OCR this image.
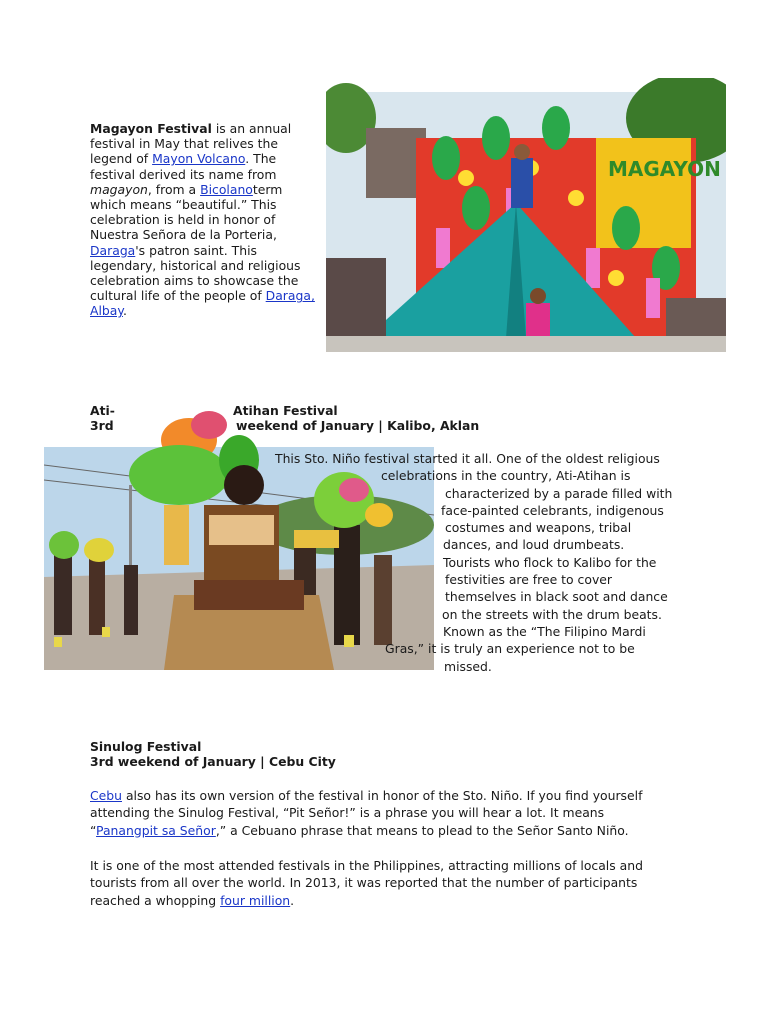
Magayon Festival is an annual festival in May that relives the legend of Mayon Volcano. The festival derived its name from magayon, from a Bicolanoterm which means “beautiful.” This celebration is held in honor of Nuestra Señora de la Porteria, Daraga's patron saint. This legendary, historical and religious celebration aims to showcase the cultural life of the people of Daraga, Albay.
MAGAYON
Ati-	Atihan Festival
3rd	weekend of January | Kalibo, Aklan
This Sto. Niño festival started it all. One of the oldest religious
celebrations in the country, Ati-Atihan is
characterized by a parade filled with
face-painted celebrants, indigenous
costumes and weapons, tribal
dances, and loud drumbeats.
Tourists who flock to Kalibo for the
festivities are free to cover
themselves in black soot and dance
on the streets with the drum beats.
Known as the “The Filipino Mardi
Gras,” it is truly an experience not to be
missed.
Sinulog Festival
3rd weekend of January | Cebu City
Cebu also has its own version of the festival in honor of the Sto. Niño. If you find yourself attending the Sinulog Festival, “Pit Señor!” is a phrase you will hear a lot. It means “Panangpit sa Señor,” a Cebuano phrase that means to plead to the Señor Santo Niño.
It is one of the most attended festivals in the Philippines, attracting millions of locals and tourists from all over the world. In 2013, it was reported that the number of participants reached a whopping four million.
